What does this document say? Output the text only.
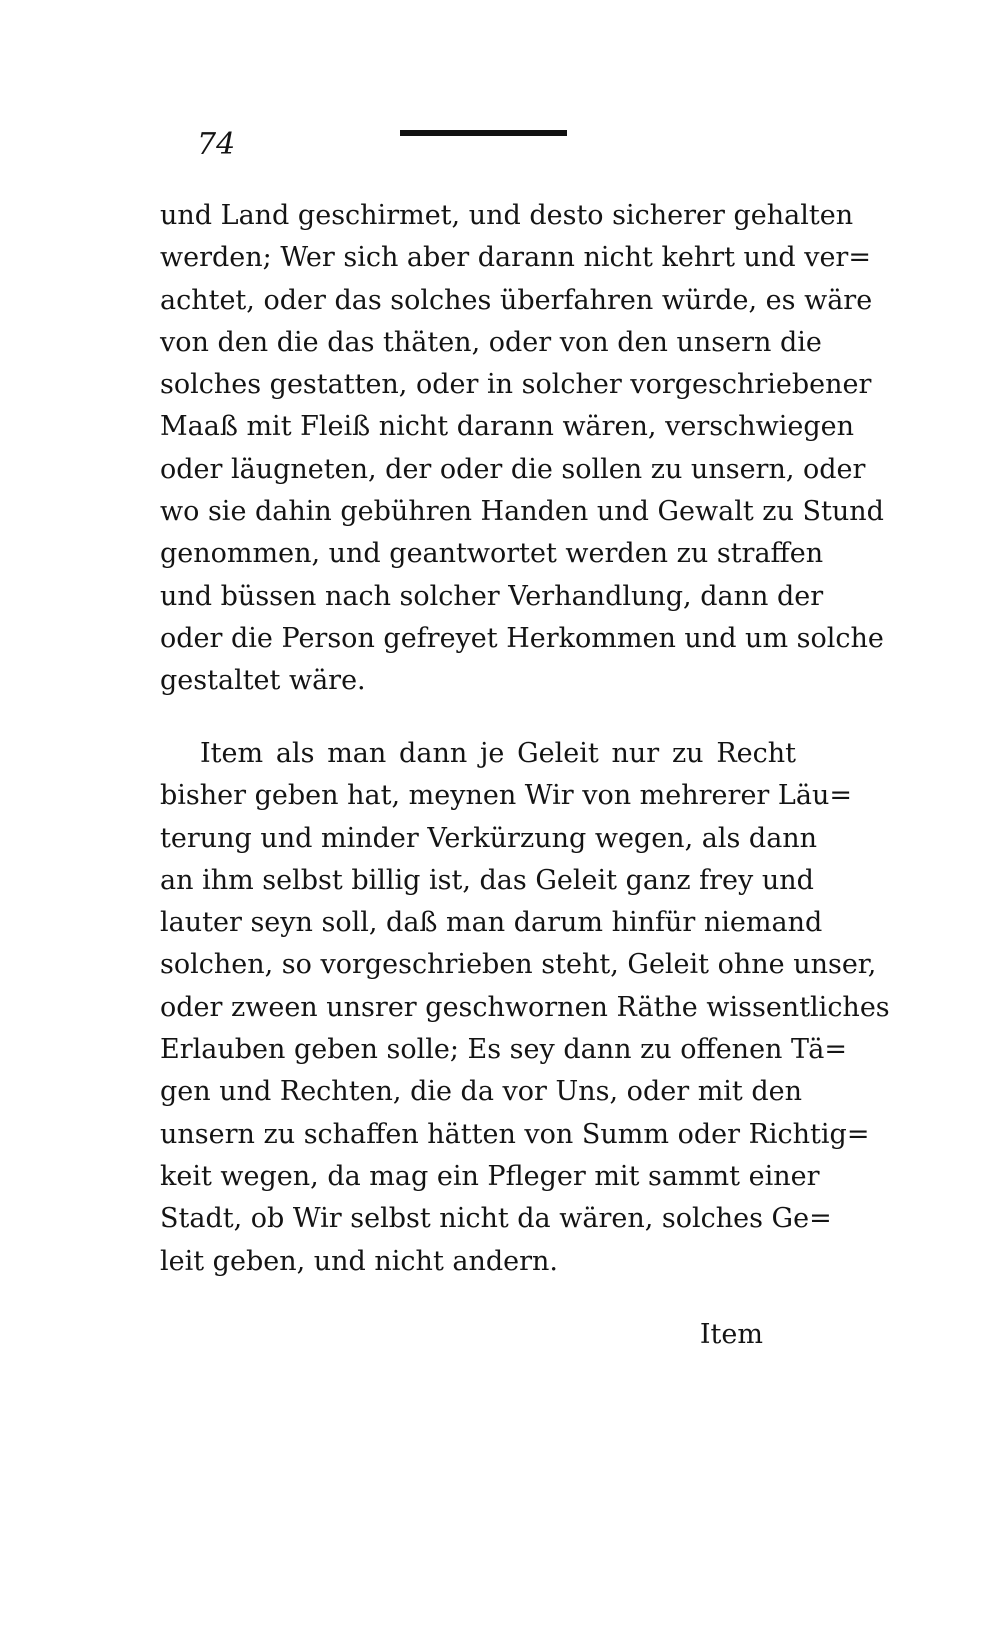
74
und Land geschirmet, und desto sicherer gehalten
werden; Wer sich aber darann nicht kehrt und ver=
achtet, oder das solches überfahren würde, es wäre
von den die das thäten, oder von den unsern die
solches gestatten, oder in solcher vorgeschriebener
Maaß mit Fleiß nicht darann wären, verschwiegen
oder läugneten, der oder die sollen zu unsern, oder
wo sie dahin gebühren Handen und Gewalt zu Stund
genommen, und geantwortet werden zu straffen
und büssen nach solcher Verhandlung, dann der
oder die Person gefreyet Herkommen und um solche
gestaltet wäre.
Item als man dann je Geleit nur zu Recht
bisher geben hat, meynen Wir von mehrerer Läu=
terung und minder Verkürzung wegen, als dann
an ihm selbst billig ist, das Geleit ganz frey und
lauter seyn soll, daß man darum hinfür niemand
solchen, so vorgeschrieben steht, Geleit ohne unser,
oder zween unsrer geschwornen Räthe wissentliches
Erlauben geben solle; Es sey dann zu offenen Tä=
gen und Rechten, die da vor Uns, oder mit den
unsern zu schaffen hätten von Summ oder Richtig=
keit wegen, da mag ein Pfleger mit sammt einer
Stadt, ob Wir selbst nicht da wären, solches Ge=
leit geben, und nicht andern.
Item
